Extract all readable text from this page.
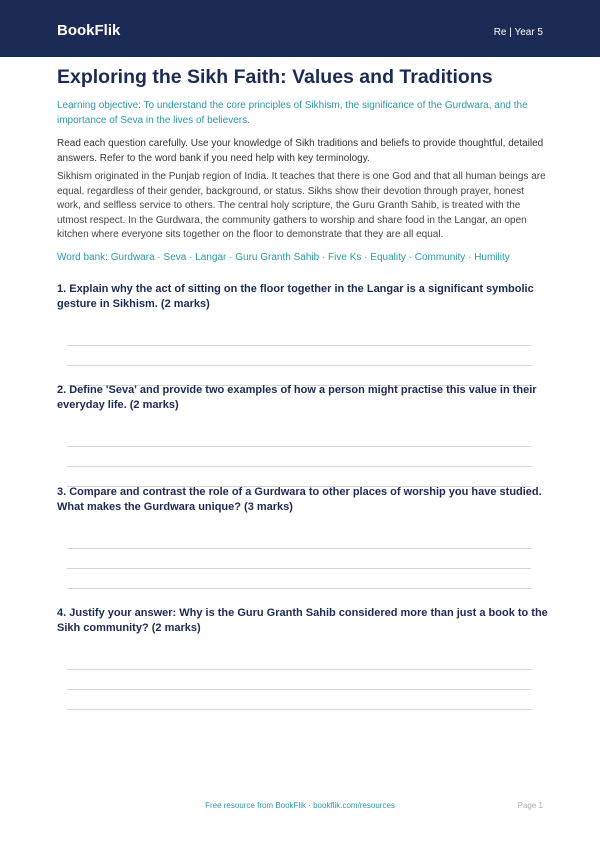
BookFlik	Re | Year 5
Exploring the Sikh Faith: Values and Traditions

Learning objective: To understand the core principles of Sikhism, the significance of the Gurdwara, and the importance of Seva in the lives of believers.

Read each question carefully. Use your knowledge of Sikh traditions and beliefs to provide thoughtful, detailed answers. Refer to the word bank if you need help with key terminology.

Sikhism originated in the Punjab region of India. It teaches that there is one God and that all human beings are equal, regardless of their gender, background, or status. Sikhs show their devotion through prayer, honest work, and selfless service to others. The central holy scripture, the Guru Granth Sahib, is treated with the utmost respect. In the Gurdwara, the community gathers to worship and share food in the Langar, an open kitchen where everyone sits together on the floor to demonstrate that they are all equal.

Word bank: Gurdwara · Seva · Langar · Guru Granth Sahib · Five Ks · Equality · Community · Humility

1. Explain why the act of sitting on the floor together in the Langar is a significant symbolic gesture in Sikhism. (2 marks)

2. Define 'Seva' and provide two examples of how a person might practise this value in their everyday life. (2 marks)

3. Compare and contrast the role of a Gurdwara to other places of worship you have studied. What makes the Gurdwara unique? (3 marks)

4. Justify your answer: Why is the Guru Granth Sahib considered more than just a book to the Sikh community? (2 marks)

Free resource from BookFlik · bookflik.com/resources	Page 1
